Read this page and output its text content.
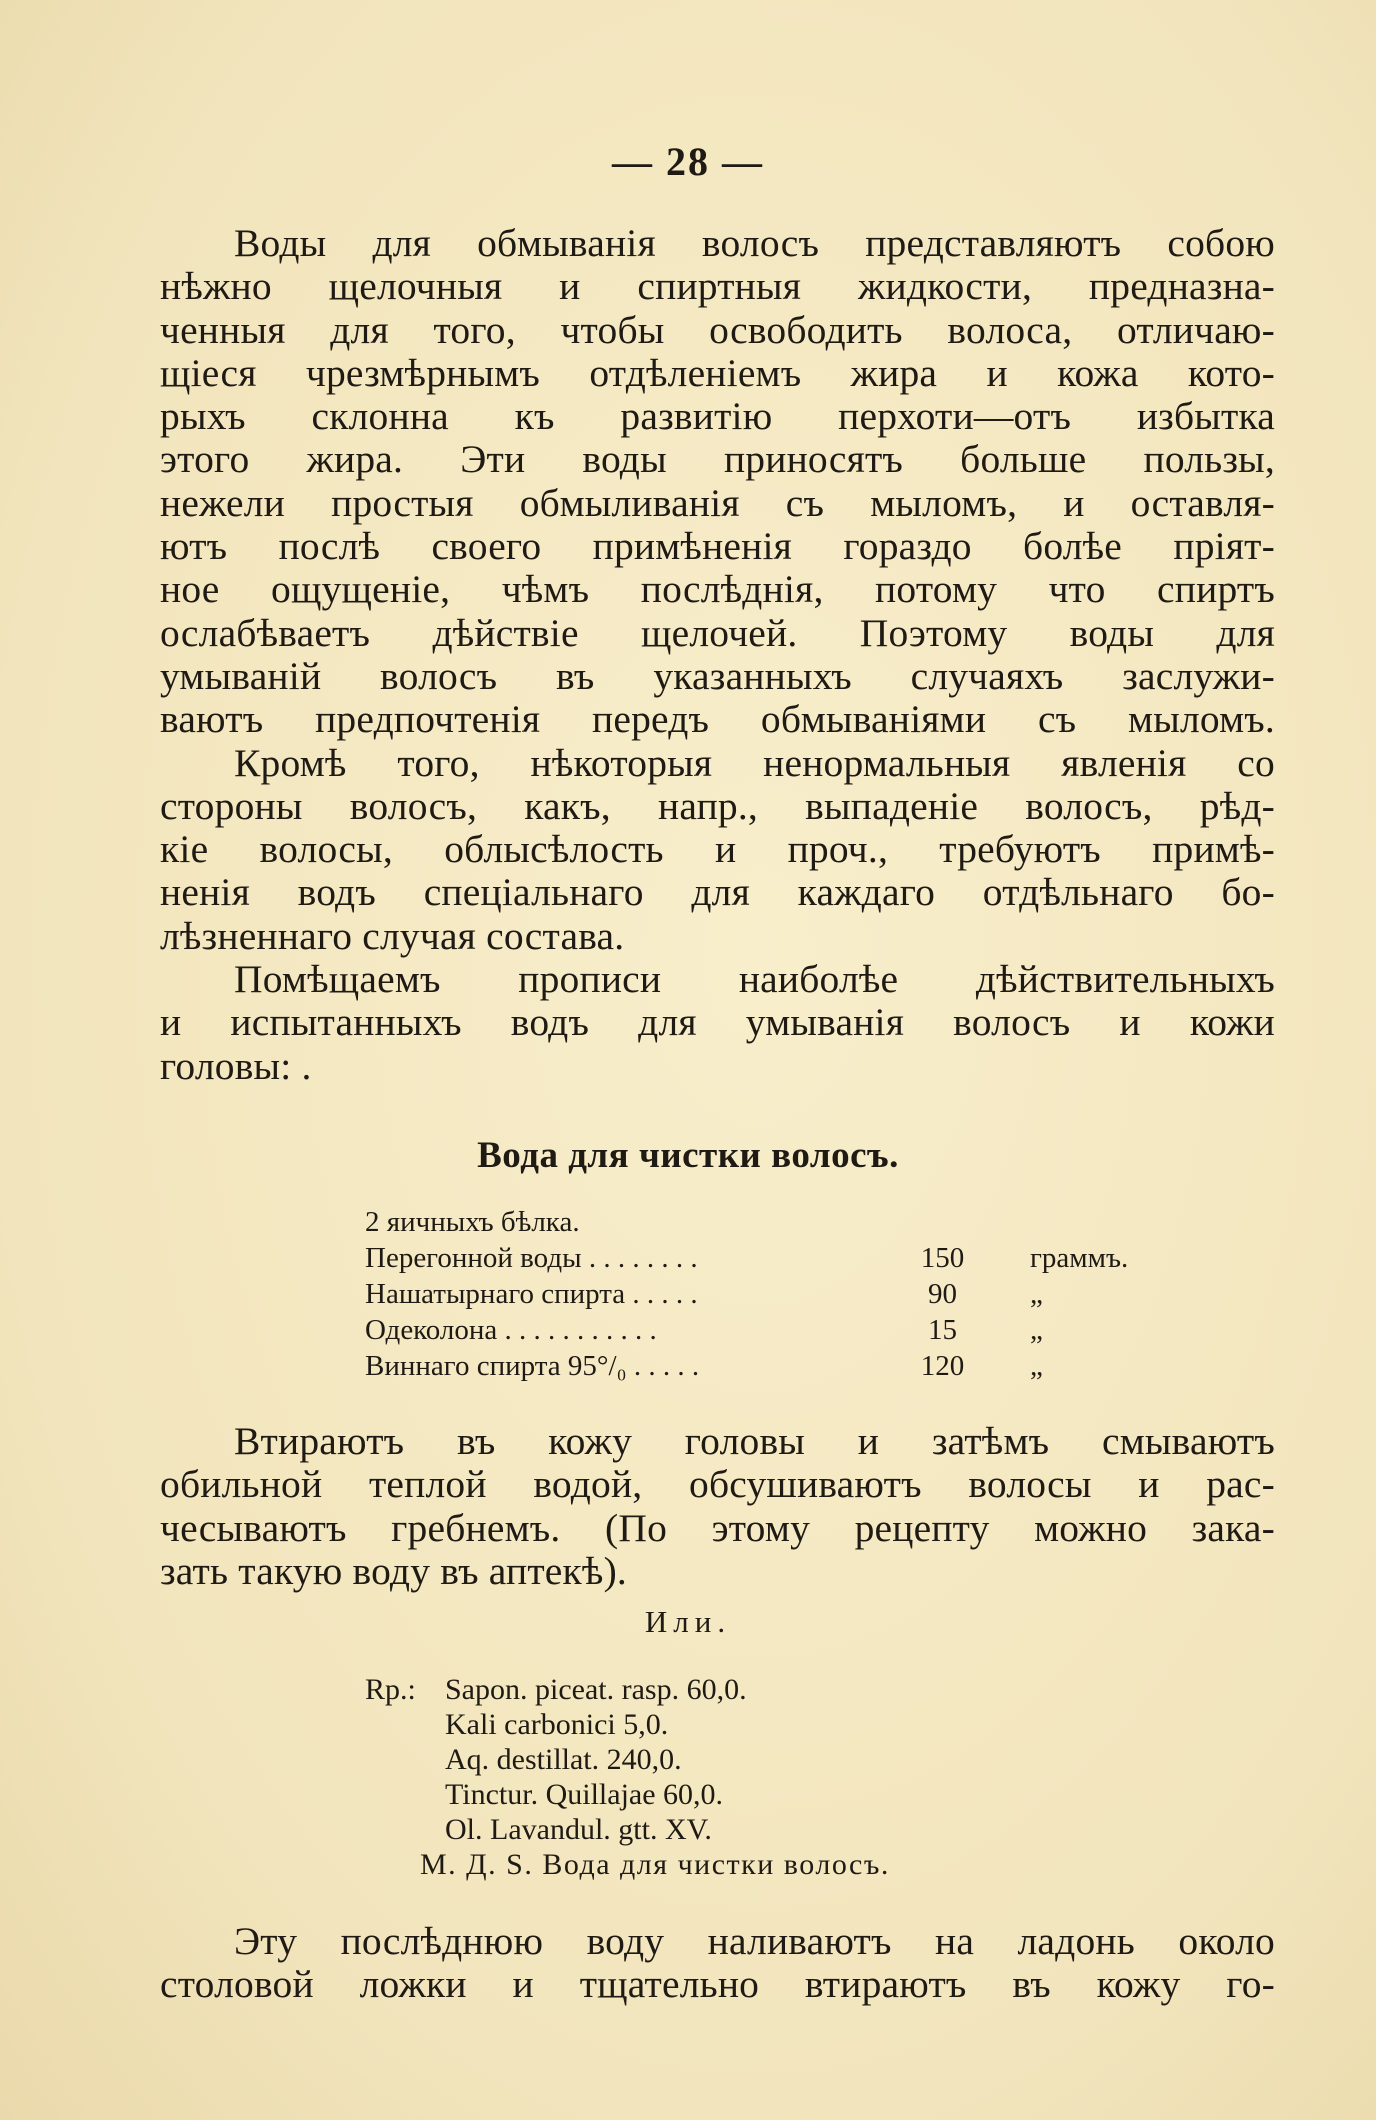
— 28 —
Воды для обмыванія волосъ представляютъ собою
нѣжно щелочныя и спиртныя жидкости, предназна-
ченныя для того, чтобы освободить волоса, отличаю-
щіеся чрезмѣрнымъ отдѣленіемъ жира и кожа кото-
рыхъ склонна къ развитію перхоти—отъ избытка
этого жира. Эти воды приносятъ больше пользы,
нежели простыя обмыливанія съ мыломъ, и оставля-
ютъ послѣ своего примѣненія гораздо болѣе пріят-
ное ощущеніе, чѣмъ послѣднія, потому что спиртъ
ослабѣваетъ дѣйствіе щелочей. Поэтому воды для
умываній волосъ въ указанныхъ случаяхъ заслужи-
ваютъ предпочтенія передъ обмываніями съ мыломъ.
Кромѣ того, нѣкоторыя ненормальныя явленія со
стороны волосъ, какъ, напр., выпаденіе волосъ, рѣд-
кіе волосы, облысѣлость и проч., требуютъ примѣ-
ненія водъ спеціальнаго для каждаго отдѣльнаго бо-
лѣзненнаго случая состава.
Помѣщаемъ прописи наиболѣе дѣйствительныхъ
и испытанныхъ водъ для умыванія волосъ и кожи
головы: .
Вода для чистки волосъ.
2 яичныхъ бѣлка.
Перегонной воды . . . . . . . .	150	граммъ.
Нашатырнаго спирта . . . . .	90	„
Одеколона . . . . . . . . . . .	15	„
Виннаго спирта 95°/₀ . . . . .	120	„
Втираютъ въ кожу головы и затѣмъ смываютъ
обильной теплой водой, обсушиваютъ волосы и рас-
чесываютъ гребнемъ. (По этому рецепту можно зака-
зать такую воду въ аптекѣ).
Или.
Rp.: Sapon. piceat. rasp. 60,0.
Kali carbonici 5,0.
Aq. destillat. 240,0.
Tinctur. Quillajae 60,0.
Ol. Lavandul. gtt. XV.
M. Д. S. Вода для чистки волосъ.
Эту послѣднюю воду наливаютъ на ладонь около
столовой ложки и тщательно втираютъ въ кожу го-
